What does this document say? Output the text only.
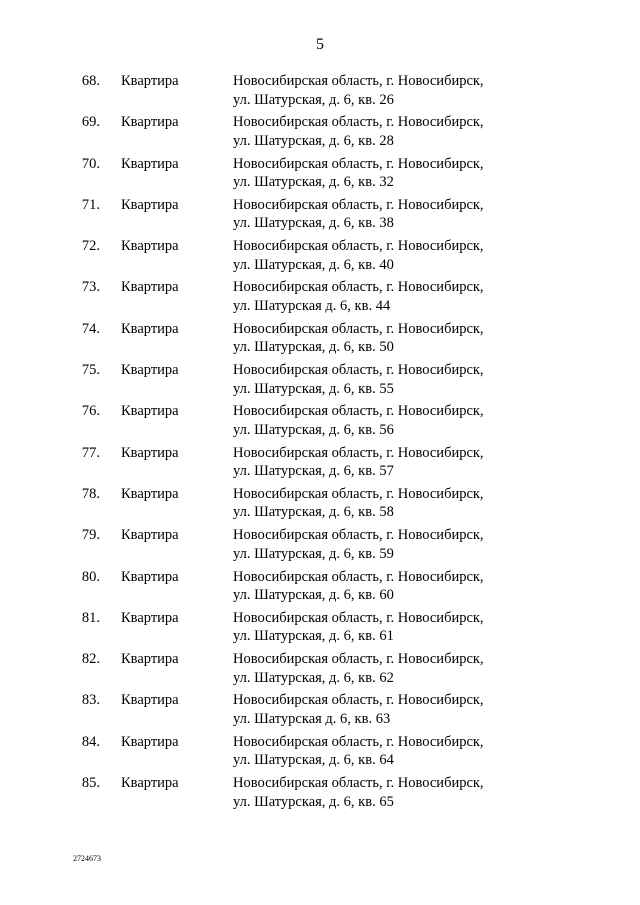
5
68. Квартира	Новосибирская область, г. Новосибирск,
ул. Шатурская, д. 6, кв. 26
69. Квартира	Новосибирская область, г. Новосибирск,
ул. Шатурская, д. 6, кв. 28
70. Квартира	Новосибирская область, г. Новосибирск,
ул. Шатурская, д. 6, кв. 32
71. Квартира	Новосибирская область, г. Новосибирск,
ул. Шатурская, д. 6, кв. 38
72. Квартира	Новосибирская область, г. Новосибирск,
ул. Шатурская, д. 6, кв. 40
73. Квартира	Новосибирская область, г. Новосибирск,
ул. Шатурская д. 6, кв. 44
74. Квартира	Новосибирская область, г. Новосибирск,
ул. Шатурская, д. 6, кв. 50
75. Квартира	Новосибирская область, г. Новосибирск,
ул. Шатурская, д. 6, кв. 55
76. Квартира	Новосибирская область, г. Новосибирск,
ул. Шатурская, д. 6, кв. 56
77. Квартира	Новосибирская область, г. Новосибирск,
ул. Шатурская, д. 6, кв. 57
78. Квартира	Новосибирская область, г. Новосибирск,
ул. Шатурская, д. 6, кв. 58
79. Квартира	Новосибирская область, г. Новосибирск,
ул. Шатурская, д. 6, кв. 59
80. Квартира	Новосибирская область, г. Новосибирск,
ул. Шатурская, д. 6, кв. 60
81. Квартира	Новосибирская область, г. Новосибирск,
ул. Шатурская, д. 6, кв. 61
82. Квартира	Новосибирская область, г. Новосибирск,
ул. Шатурская, д. 6, кв. 62
83. Квартира	Новосибирская область, г. Новосибирск,
ул. Шатурская д. 6, кв. 63
84. Квартира	Новосибирская область, г. Новосибирск,
ул. Шатурская, д. 6, кв. 64
85. Квартира	Новосибирская область, г. Новосибирск,
ул. Шатурская, д. 6, кв. 65
2724673
